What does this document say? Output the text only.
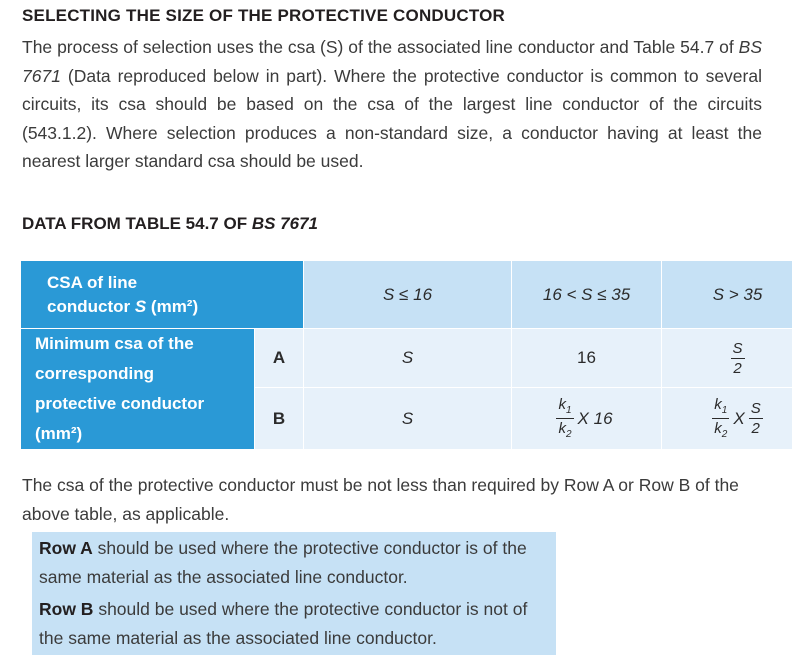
SELECTING THE SIZE OF THE PROTECTIVE CONDUCTOR

The process of selection uses the csa (S) of the associated line conductor and Table 54.7 of BS 7671 (Data reproduced below in part). Where the protective conductor is common to several circuits, its csa should be based on the csa of the largest line conductor of the circuits (543.1.2). Where selection produces a non-standard size, a conductor having at least the nearest larger standard csa should be used.

DATA FROM TABLE 54.7 OF BS 7671
CSA of line
conductor S (mm²)		S ≤ 16	16 < S ≤ 35	S > 35
Minimum csa of the
corresponding
protective conductor
(mm²)	A	S	16	$\frac{S}{2}$

	B	S	$\frac{k_1}{k_2}$ X 16	$\frac{k_1}{k_2}$ X $\frac{S}{2}$

The csa of the protective conductor must be not less than required by Row A or Row B of the above table, as applicable.

Row A should be used where the protective conductor is of the same material as the associated line conductor.
Row B should be used where the protective conductor is not of the same material as the associated line conductor.
